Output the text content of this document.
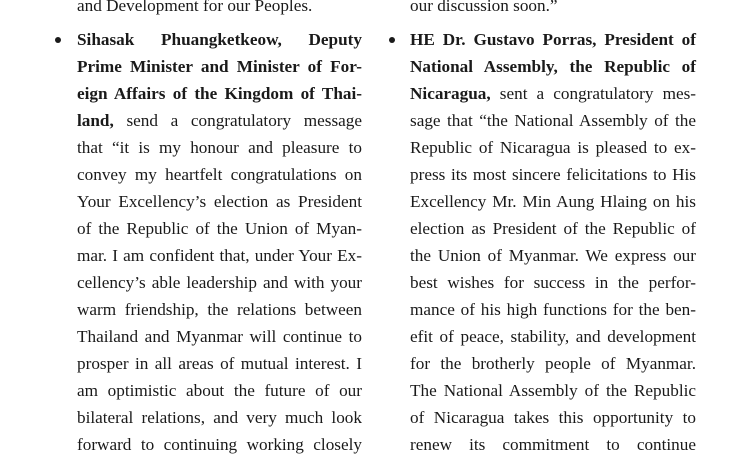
and Development for our Peoples.
Sihasak Phuangketkeow, Deputy
Prime Minister and Minister of For-
eign Affairs of the Kingdom of Thai-
land, send a congratulatory message
that “it is my honour and pleasure to
convey my heartfelt congratulations on
Your Excellency’s election as President
of the Republic of the Union of Myan-
mar. I am confident that, under Your Ex-
cellency’s able leadership and with your
warm friendship, the relations between
Thailand and Myanmar will continue to
prosper in all areas of mutual interest. I
am optimistic about the future of our
bilateral relations, and very much look
forward to continuing working closely
our discussion soon.”
HE Dr. Gustavo Porras, President of
National Assembly, the Republic of
Nicaragua, sent a congratulatory mes-
sage that “the National Assembly of the
Republic of Nicaragua is pleased to ex-
press its most sincere felicitations to His
Excellency Mr. Min Aung Hlaing on his
election as President of the Republic of
the Union of Myanmar. We express our
best wishes for success in the perfor-
mance of his high functions for the ben-
efit of peace, stability, and development
for the brotherly people of Myanmar.
The National Assembly of the Republic
of Nicaragua takes this opportunity to
renew its commitment to continue
